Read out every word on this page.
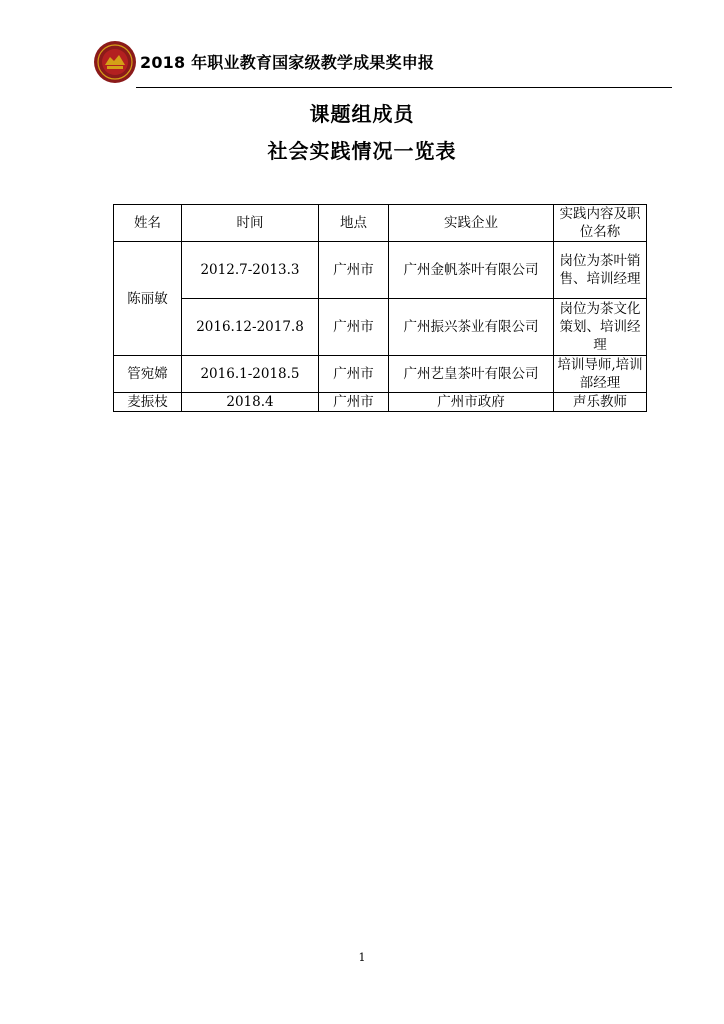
2018 年职业教育国家级教学成果奖申报
课题组成员
社会实践情况一览表
姓名	时间	地点	实践企业	实践内容及职位名称
陈丽敏	2012.7-2013.3	广州市	广州金帆茶叶有限公司	岗位为茶叶销售、培训经理
	2016.12-2017.8	广州市	广州振兴茶业有限公司	岗位为茶文化策划、培训经理
管宛嫦	2016.1-2018.5	广州市	广州艺皇茶叶有限公司	培训导师,培训部经理
麦振枝	2018.4	广州市	广州市政府	声乐教师
1
